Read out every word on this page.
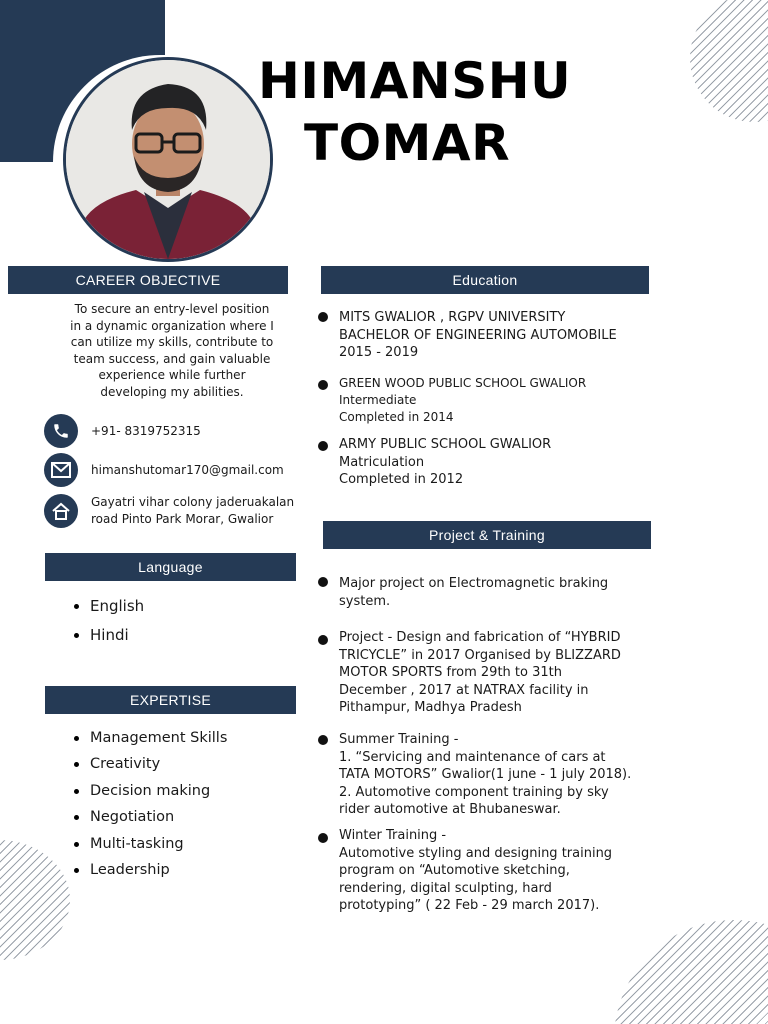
HIMANSHU
TOMAR
CAREER OBJECTIVE
To secure an entry-level position
in a dynamic organization where I
can utilize my skills, contribute to
team success, and gain valuable
experience while further
developing my abilities.
+91- 8319752315
himanshutomar170@gmail.com
Gayatri vihar colony jaderuakalan
road Pinto Park Morar, Gwalior
Language
English
Hindi
EXPERTISE
Management Skills
Creativity
Decision making
Negotiation
Multi-tasking
Leadership
Education
MITS GWALIOR , RGPV UNIVERSITY
BACHELOR OF ENGINEERING AUTOMOBILE
2015 - 2019
GREEN WOOD PUBLIC SCHOOL GWALIOR
Intermediate
Completed in 2014
ARMY PUBLIC SCHOOL GWALIOR
Matriculation
Completed in 2012
Project & Training
Major project on Electromagnetic braking
system.
Project - Design and fabrication of “HYBRID
TRICYCLE” in 2017 Organised by BLIZZARD
MOTOR SPORTS from 29th to 31th
December , 2017 at NATRAX facility in
Pithampur, Madhya Pradesh
Summer Training -
1. “Servicing and maintenance of cars at
TATA MOTORS” Gwalior(1 june - 1 july 2018).
2. Automotive component training by sky
rider automotive at Bhubaneswar.
Winter Training -
Automotive styling and designing training
program on “Automotive sketching,
rendering, digital sculpting, hard
prototyping” ( 22 Feb - 29 march 2017).
